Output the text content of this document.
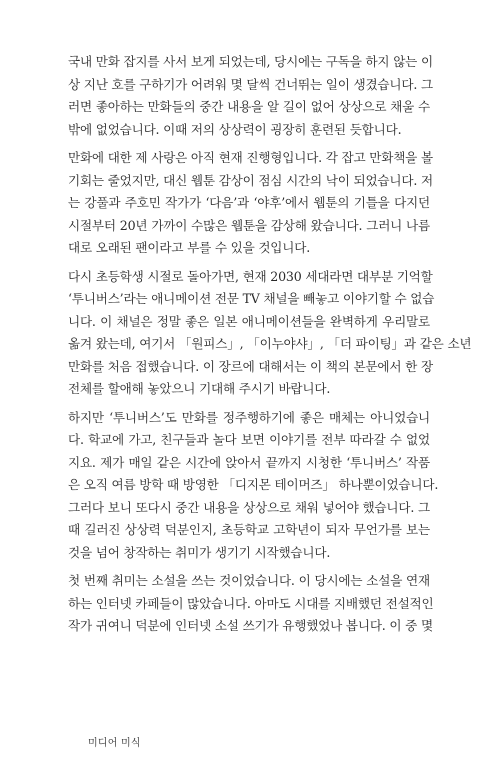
국내 만화 잡지를 사서 보게 되었는데, 당시에는 구독을 하지 않는 이
상 지난 호를 구하기가 어려워 몇 달씩 건너뛰는 일이 생겼습니다. 그
러면 좋아하는 만화들의 중간 내용을 알 길이 없어 상상으로 채울 수
밖에 없었습니다. 이때 저의 상상력이 굉장히 훈련된 듯합니다.
만화에 대한 제 사랑은 아직 현재 진행형입니다. 각 잡고 만화책을 볼
기회는 줄었지만, 대신 웹툰 감상이 점심 시간의 낙이 되었습니다. 저
는 강풀과 주호민 작가가 ‘다음’과 ‘야후’에서 웹툰의 기틀을 다지던
시절부터 20년 가까이 수많은 웹툰을 감상해 왔습니다. 그러니 나름
대로 오래된 팬이라고 부를 수 있을 것입니다.
다시 초등학생 시절로 돌아가면, 현재 2030 세대라면 대부분 기억할
‘투니버스’라는 애니메이션 전문 TV 채널을 빼놓고 이야기할 수 없습
니다. 이 채널은 정말 좋은 일본 애니메이션들을 완벽하게 우리말로
옮겨 왔는데, 여기서 「원피스」, 「이누야샤」, 「더 파이팅」과 같은 소년
만화를 처음 접했습니다. 이 장르에 대해서는 이 책의 본문에서 한 장
전체를 할애해 놓았으니 기대해 주시기 바랍니다.
하지만 ‘투니버스’도 만화를 정주행하기에 좋은 매체는 아니었습니
다. 학교에 가고, 친구들과 놀다 보면 이야기를 전부 따라갈 수 없었
지요. 제가 매일 같은 시간에 앉아서 끝까지 시청한 ‘투니버스’ 작품
은 오직 여름 방학 때 방영한 「디지몬 테이머즈」 하나뿐이었습니다.
그러다 보니 또다시 중간 내용을 상상으로 채워 넣어야 했습니다. 그
때 길러진 상상력 덕분인지, 초등학교 고학년이 되자 무언가를 보는
것을 넘어 창작하는 취미가 생기기 시작했습니다.
첫 번째 취미는 소설을 쓰는 것이었습니다. 이 당시에는 소설을 연재
하는 인터넷 카페들이 많았습니다. 아마도 시대를 지배했던 전설적인
작가 귀여니 덕분에 인터넷 소설 쓰기가 유행했었나 봅니다. 이 중 몇
미디어 미식
